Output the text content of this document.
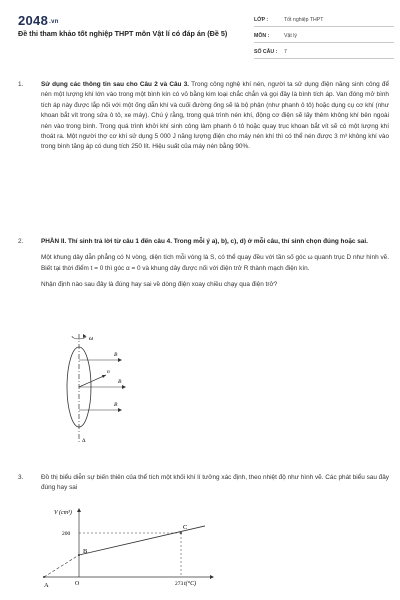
2048.vn
Đề thi tham khảo tốt nghiệp THPT môn Vật lí có đáp án (Đề 5)
LỚP :	Tốt nghiệp THPT
MÔN :	Vật lý
SỐ CÂU :	7
1.	Sử dụng các thông tin sau cho Câu 2 và Câu 3. Trong công nghệ khí nén, người ta sử dụng điện năng sinh công để nén một lượng khí lớn vào trong một bình kín có vỏ bằng kim loại chắc chắn và gọi đây là bình tích áp. Van đóng mở bình tích áp này được lắp nối với một ống dẫn khí và cuối đường ống sẽ là bộ phận (như phanh ô tô) hoặc dụng cụ cơ khí (như khoan bắt vít trong sửa ô tô, xe máy). Chú ý rằng, trong quá trình nén khí, động cơ điện sẽ lấy thêm không khí bên ngoài nén vào trong bình. Trong quá trình khởi khí sinh công làm phanh ô tô hoặc quay trục khoan bắt vít sẽ có một lượng khí thoát ra. Một người thợ cơ khí sử dụng 5 000 J năng lượng điện cho máy nén khí thì có thể nén được 3 m³ không khí vào trong bình tăng áp có dung tích 250 lít. Hiệu suất của máy nén bằng 90%.
2.	PHẦN II. Thí sinh trả lời từ câu 1 đến câu 4. Trong mỗi ý a), b), c), d) ở mỗi câu, thí sinh chọn đúng hoặc sai.

Một khung dây dẫn phẳng có N vòng, diện tích mỗi vòng là S, có thể quay đều với tần số góc ω quanh trục D như hình vẽ. Biết tại thời điểm t = 0 thì góc α = 0 và khung dây được nối với điện trở R thành mạch điện kín.

Nhận định nào sau đây là đúng hay sai về dòng điện xoay chiều chạy qua điện trở?

ω
n⃗
B⃗
B⃗
B⃗
Δ
3.	Đồ thị biểu diễn sự biến thiên của thể tích một khối khí lí tưởng xác định, theo nhiệt độ như hình vẽ. Các phát biểu sau đây đúng hay sai
V (cm³)
t(°C)
A
B
C
200
273
O
